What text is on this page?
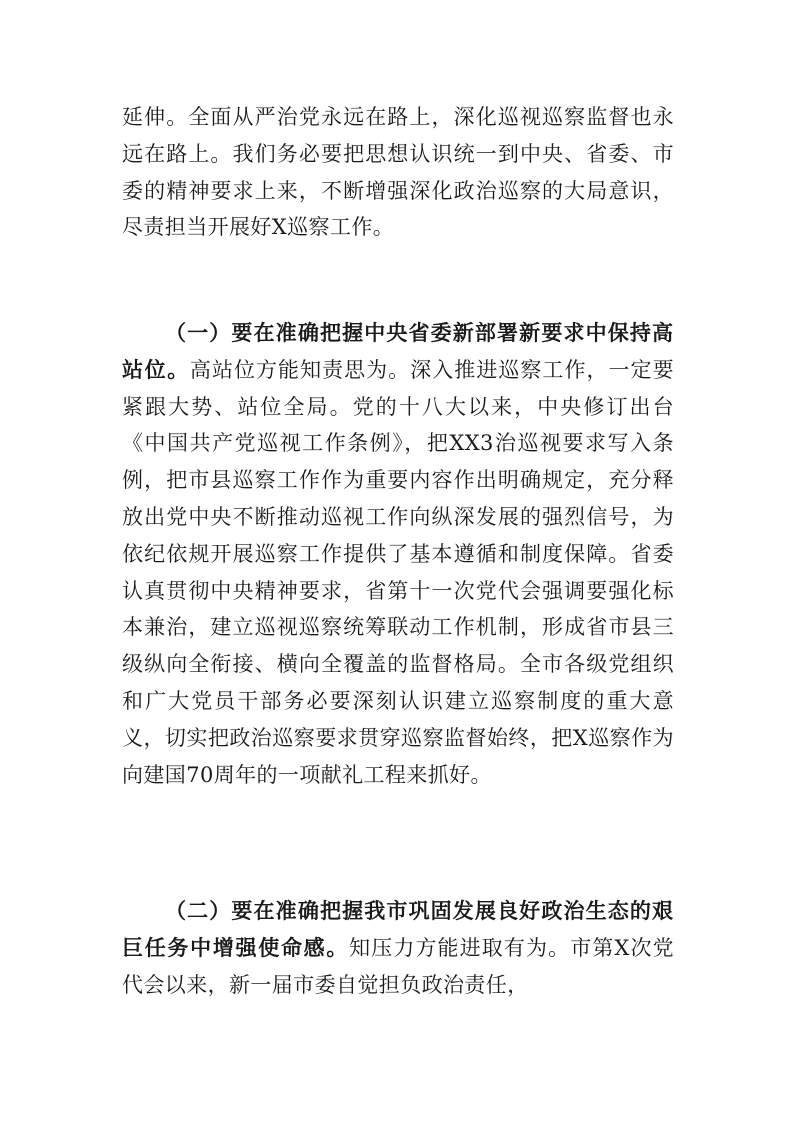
延伸。全面从严治党永远在路上，深化巡视巡察监督也永远在路上。我们务必要把思想认识统一到中央、省委、市委的精神要求上来，不断增强深化政治巡察的大局意识，尽责担当开展好X巡察工作。

（一）要在准确把握中央省委新部署新要求中保持高站位。高站位方能知责思为。深入推进巡察工作，一定要紧跟大势、站位全局。党的十八大以来，中央修订出台《中国共产党巡视工作条例》，把XX3治巡视要求写入条例，把市县巡察工作作为重要内容作出明确规定，充分释放出党中央不断推动巡视工作向纵深发展的强烈信号，为依纪依规开展巡察工作提供了基本遵循和制度保障。省委认真贯彻中央精神要求，省第十一次党代会强调要强化标本兼治，建立巡视巡察统筹联动工作机制，形成省市县三级纵向全衔接、横向全覆盖的监督格局。全市各级党组织和广大党员干部务必要深刻认识建立巡察制度的重大意义，切实把政治巡察要求贯穿巡察监督始终，把X巡察作为向建国70周年的一项献礼工程来抓好。

（二）要在准确把握我市巩固发展良好政治生态的艰巨任务中增强使命感。知压力方能进取有为。市第X次党代会以来，新一届市委自觉担负政治责任，
